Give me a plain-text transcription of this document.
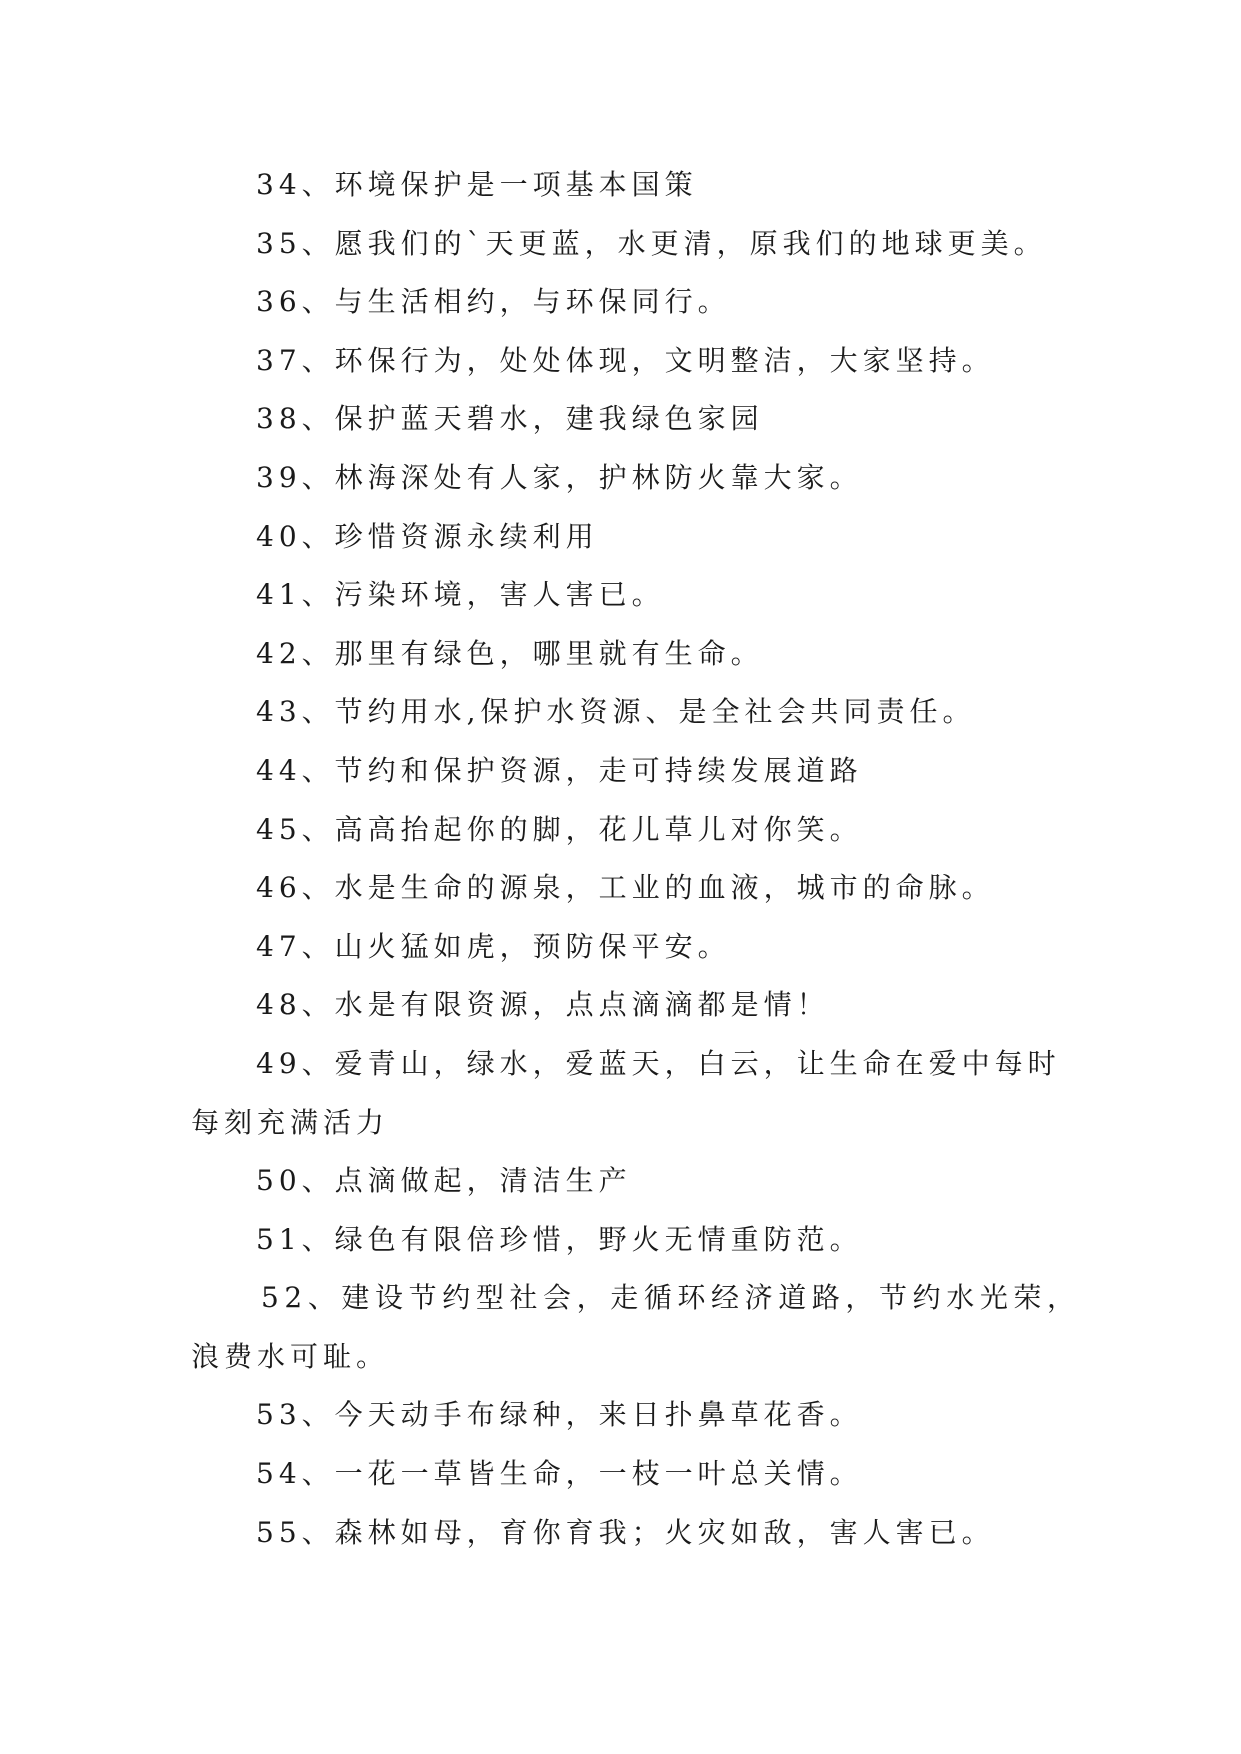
34、环境保护是一项基本国策
35、愿我们的`天更蓝，水更清，原我们的地球更美。
36、与生活相约，与环保同行。
37、环保行为，处处体现，文明整洁，大家坚持。
38、保护蓝天碧水，建我绿色家园
39、林海深处有人家，护林防火靠大家。
40、珍惜资源永续利用
41、污染环境，害人害已。
42、那里有绿色，哪里就有生命。
43、节约用水,保护水资源、是全社会共同责任。
44、节约和保护资源，走可持续发展道路
45、高高抬起你的脚，花儿草儿对你笑。
46、水是生命的源泉，工业的血液，城市的命脉。
47、山火猛如虎，预防保平安。
48、水是有限资源，点点滴滴都是情！
49、爱青山，绿水，爱蓝天，白云，让生命在爱中每时
每刻充满活力
50、点滴做起，清洁生产
51、绿色有限倍珍惜，野火无情重防范。
52、建设节约型社会，走循环经济道路，节约水光荣，
浪费水可耻。
53、今天动手布绿种，来日扑鼻草花香。
54、一花一草皆生命，一枝一叶总关情。
55、森林如母，育你育我；火灾如敌，害人害已。
